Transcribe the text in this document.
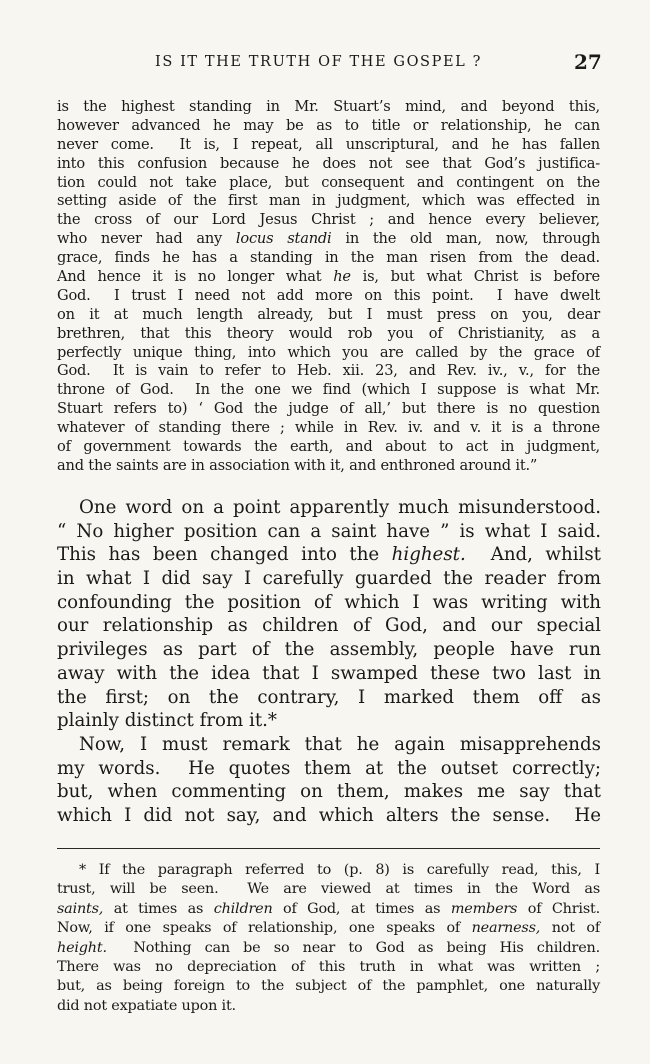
IS IT THE TRUTH OF THE GOSPEL ?	27
is the highest standing in Mr. Stuart’s mind, and beyond this,
however advanced he may be as to title or relationship, he can
never come.  It is, I repeat, all unscriptural, and he has fallen
into this confusion because he does not see that God’s justifica-
tion could not take place, but consequent and contingent on the
setting aside of the first man in judgment, which was effected in
the cross of our Lord Jesus Christ ; and hence every believer,
who never had any locus standi in the old man, now, through
grace, finds he has a standing in the man risen from the dead.
And hence it is no longer what he is, but what Christ is before
God.  I trust I need not add more on this point.  I have dwelt
on it at much length already, but I must press on you, dear
brethren, that this theory would rob you of Christianity, as a
perfectly unique thing, into which you are called by the grace of
God.  It is vain to refer to Heb. xii. 23, and Rev. iv., v., for the
throne of God.  In the one we find (which I suppose is what Mr.
Stuart refers to) ‘ God the judge of all,’ but there is no question
whatever of standing there ; while in Rev. iv. and v. it is a throne
of government towards the earth, and about to act in judgment,
and the saints are in association with it, and enthroned around it.”
One word on a point apparently much misunderstood.
“ No higher position can a saint have ” is what I said.
This has been changed into the highest.  And, whilst
in what I did say I carefully guarded the reader from
confounding the position of which I was writing with
our relationship as children of God, and our special
privileges as part of the assembly, people have run
away with the idea that I swamped these two last in
the first; on the contrary, I marked them off as
plainly distinct from it.*
Now, I must remark that he again misapprehends
my words.  He quotes them at the outset correctly;
but, when commenting on them, makes me say that
which I did not say, and which alters the sense.  He
* If the paragraph referred to (p. 8) is carefully read, this, I
trust, will be seen.  We are viewed at times in the Word as
saints, at times as children of God, at times as members of Christ.
Now, if one speaks of relationship, one speaks of nearness, not of
height.  Nothing can be so near to God as being His children.
There was no depreciation of this truth in what was written ;
but, as being foreign to the subject of the pamphlet, one naturally
did not expatiate upon it.
